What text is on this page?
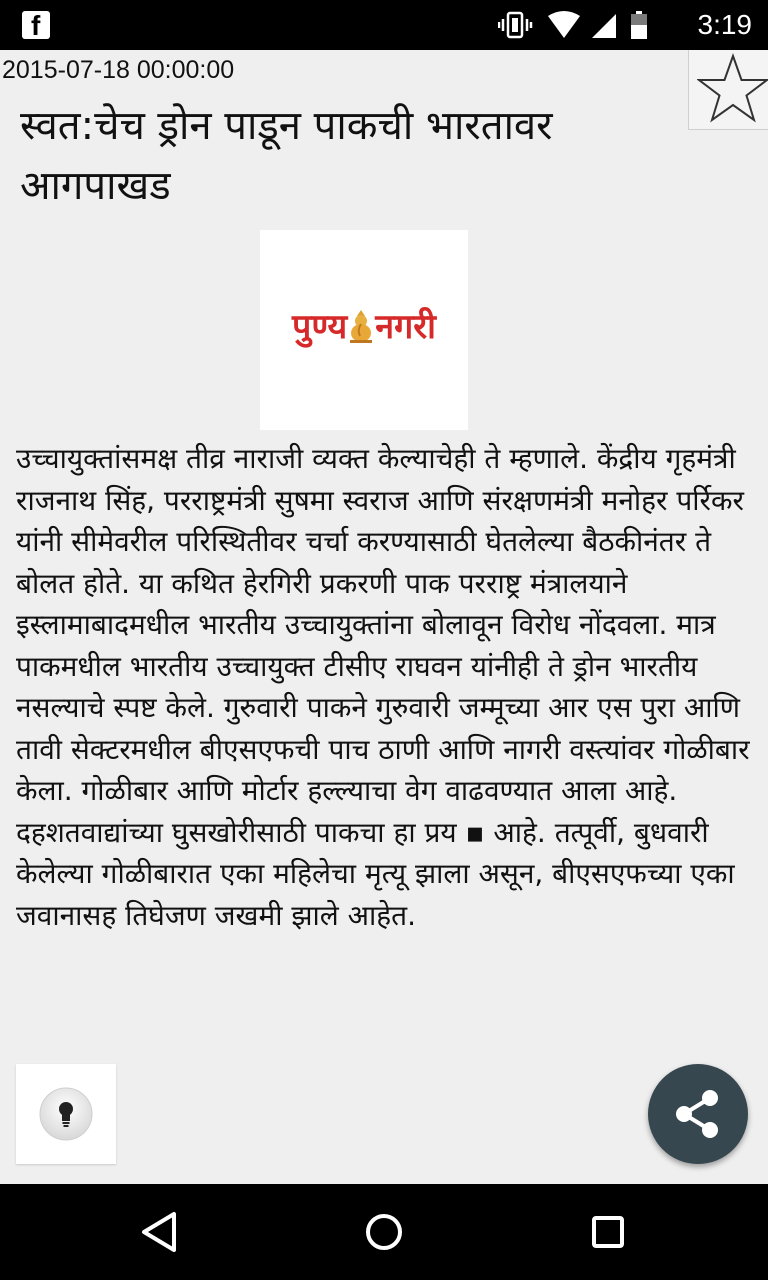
f	3:19
2015-07-18 00:00:00
स्वत:चेच ड्रोन पाडून पाकची भारतावर आगपाखड
पुण्य नगरी

उच्चायुक्तांसमक्ष तीव्र नाराजी व्यक्त केल्याचेही ते म्हणाले. केंद्रीय गृहमंत्री राजनाथ सिंह, परराष्ट्रमंत्री सुषमा स्वराज आणि संरक्षणमंत्री मनोहर पर्रिकर यांनी सीमेवरील परिस्थितीवर चर्चा करण्यासाठी घेतलेल्या बैठकीनंतर ते बोलत होते. या कथित हेरगिरी प्रकरणी पाक परराष्ट्र मंत्रालयाने इस्लामाबादमधील भारतीय उच्चायुक्तांना बोलावून विरोध नोंदवला. मात्र पाकमधील भारतीय उच्चायुक्त टीसीए राघवन यांनीही ते ड्रोन भारतीय नसल्याचे स्पष्ट केले. गुरुवारी पाकने गुरुवारी जम्मूच्या आर एस पुरा आणि तावी सेक्टरमधील बीएसएफची पाच ठाणी आणि नागरी वस्त्यांवर गोळीबार केला. गोळीबार आणि मोर्टार हल्ल्याचा वेग वाढवण्यात आला आहे. दहशतवाद्यांच्या घुसखोरीसाठी पाकचा हा प्रय ▪ आहे. तत्पूर्वी, बुधवारी केलेल्या गोळीबारात एका महिलेचा मृत्यू झाला असून, बीएसएफच्या एका जवानासह तिघेजण जखमी झाले आहेत.
